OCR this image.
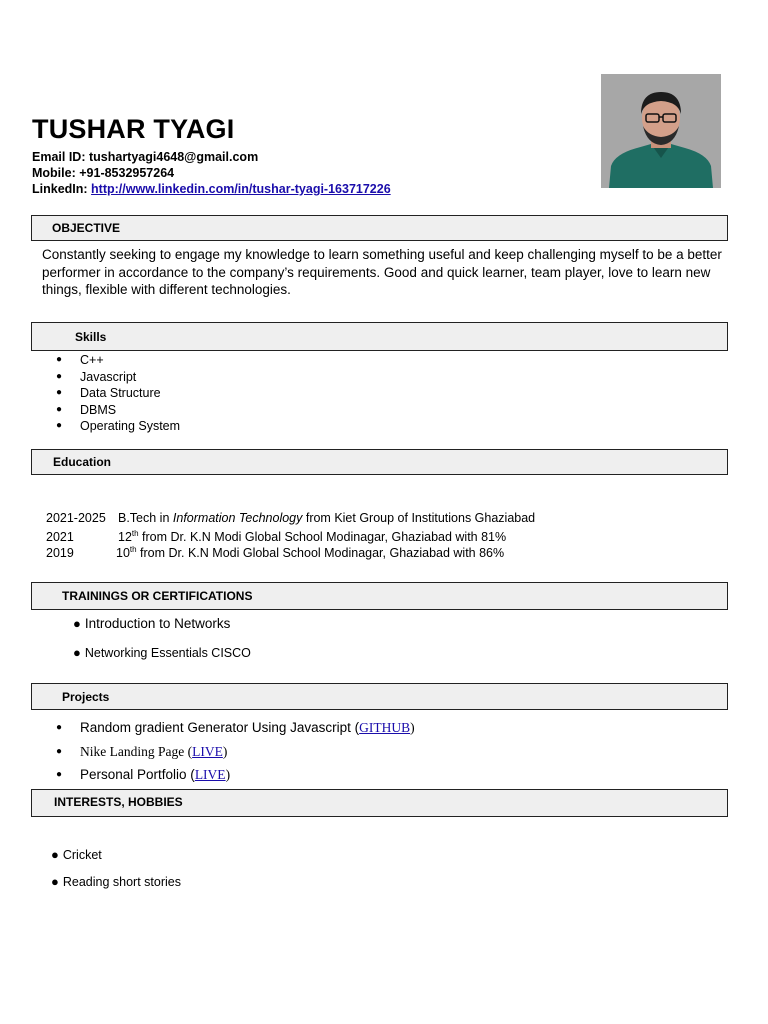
TUSHAR TYAGI
Email ID: tushartyagi4648@gmail.com
Mobile: +91-8532957264
LinkedIn: http://www.linkedin.com/in/tushar-tyagi-163717226
OBJECTIVE
Constantly seeking to engage my knowledge to learn something useful and keep challenging myself to be a better performer in accordance to the company’s requirements. Good and quick learner, team player, love to learn new things, flexible with different technologies.
Skills
● C++
● Javascript
● Data Structure
● DBMS
● Operating System
Education
2021-2025 B.Tech in Information Technology from Kiet Group of Institutions Ghaziabad
2021	12th from Dr. K.N Modi Global School Modinagar, Ghaziabad with 81%
2019	10th from Dr. K.N Modi Global School Modinagar, Ghaziabad with 86%
TRAININGS OR CERTIFICATIONS
● Introduction to Networks
● Networking Essentials CISCO
Projects
● Random gradient Generator Using Javascript (GITHUB)
● Nike Landing Page (LIVE)
● Personal Portfolio (LIVE)
INTERESTS, HOBBIES
● Cricket
● Reading short stories
